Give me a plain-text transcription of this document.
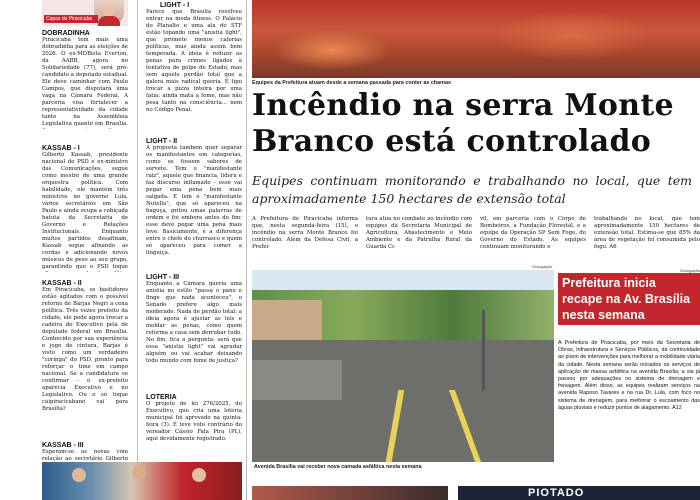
Capas de Piracicaba
DOBRADINHA

Piracicaba tem mais uma dobradinha para as eleições de 2026. O ex-MDBista Everton, da AABB, agora no Solidariedade (77), será pré-candidato a deputado estadual. Ele deve caminhar com Paulo Campos, que disputará uma vaga na Câmara Federal. A parceria visa fortalecer a representatividade da cidade tanto na Assembleia Legislativa quanto em Brasília.

KASSAB - I

Gilberto Kassab, presidente nacional do PSD e ex-ministro das Comunicações, segue como mestre de uma grande orquestra política. Com habilidade, ele mantém três ministros no governo Lula, vários secretários em São Paulo e ainda ocupa a cobiçada batuta da Secretaria de Governo e Relações Institucionais. Enquanto muitos partidos desafinam, Kassab segue afinando as cordas e adicionando novos músicos de peso ao seu grupo, garantindo que o PSD toque

KASSAB - II

Em Piracicaba, os bastidores estão agitados com o possível retorno de Barjas Negri a cena política. Três vezes prefeito da cidade, ele pode agora trocar a cadeira do Executivo pela de deputado federal em Brasília. Conhecido por sua experiência e jogo de cintura, Barjas é visto como um verdadeiro "coringa" do PSD, pronto para reforçar o time em campo nacional. Se a candidatura se confirmar - o ex-prefeito aparecia Executivo e no Legislativo. Ou o só toque caipiracicabano vai para Brasília?

KASSAB - III

Esperam-se as novas com relação ao secretário Gilberto

LIGHT - I

Parece que Brasília resolveu entrar na moda fitness. O Palácio do Planalto e uma ala do STF estão topando uma "anistia light", que promete menos calorias políticas, mas ainda assim bem temperada. A ideia é reduzir as penas para crimes ligados à tentativa de golpe de Estado, mas sem aquele perdão total que a galera mais radical queria. É tipo trocar a pizza inteira por uma fatia: ainda mata a fome, mas não pesa tanto na consciência... nem no Código Penal.

LIGHT - II

A proposta também quer separar os manifestantes em categorias, como se fossem sabores de sorvete. Tem o "manifestante raiz", aquele que financia, lidera e faz discurso inflamado - esse vai pegar uma pena bem mais salgada. E tem o "manifestante Nutella", que só apareceu na baguça, gritou umas palavras de ordem e foi embora antes do fim: esse deve pegar uma pena mais leve. Basicamente, é a diferença entre o chefe do churrasco e quem só apareceu para comer a linguiça.

LIGHT - III

Enquanto a Câmara queria uma anistia no estilo "passa o pano e finge que nada aconteceu", o Senado prefere algo mais moderado. Nada de perdão total: a ideia agora é ajustar as leis e moldar as penas, como quem reforma a casa sem derrubar tudo. No fim, fica a pergunta: será que essa "anistia light" vai agradar alguém ou vai acabar deixando todo mundo com fome de justiça?

LOTERIA

O projeto de lei 276/2025, do Executivo, que cria uma loteria municipal foi aprovado na quinta-feira (3). É teve voto contrário do vereador Cássio Fala Pira (PL), aqui devidamente registrado.

Equipes da Prefeitura atuam desde a semana passada para conter as chamas

Incêndio na serra Monte Branco está controlado

Equipes continuam monitorando e trabalhando no local, que tem aproximadamente 150 hectares de extensão total

A Prefeitura de Piracicaba informa que, nesta segunda-feira (15), o incêndio na serra Monte Branco foi controlado. Além da Defesa Civil, a Prefei-

tura atua no combate ao incêndio com equipes da Secretaria Municipal de Agricultura, Abastecimento e Meio Ambiente e da Patrulha Rural da Guarda Ci-

vil, em parceria com o Corpo de Bombeiros, a Fundação Florestal, e a equipe da Operação SP Sem Fogo, do Governo do Estado. As equipes continuam monitorando e

trabalhando no local, que tem aproximadamente 150 hectares de extensão total. Estima-se que 85% da área de vegetação foi consumida pelo fogo. A6

Divulgação

Avenida Brasília vai receber nova camada asfáltica nesta semana

Divulgação

Prefeitura inicia recape na Av. Brasília nesta semana

A Prefeitura de Piracicaba, por meio da Secretaria de Obras, Infraestrutura e Serviços Públicos, dá continuidade ao plano de intervenções para melhorar a mobilidade viária da cidade. Nesta semana serão iniciados os serviços de aplicação de massa asfáltica na avenida Brasília; a via já passou por adequações no sistema de drenagem e fresagem. Além disso, as equipes realizam serviços na avenida Raposo Tavares e na rua Dr. Lula, com foco no sistema de drenagem, para melhorar o escoamento das águas pluviais e reduzir pontos de alagamento. A12

PIOTADO
